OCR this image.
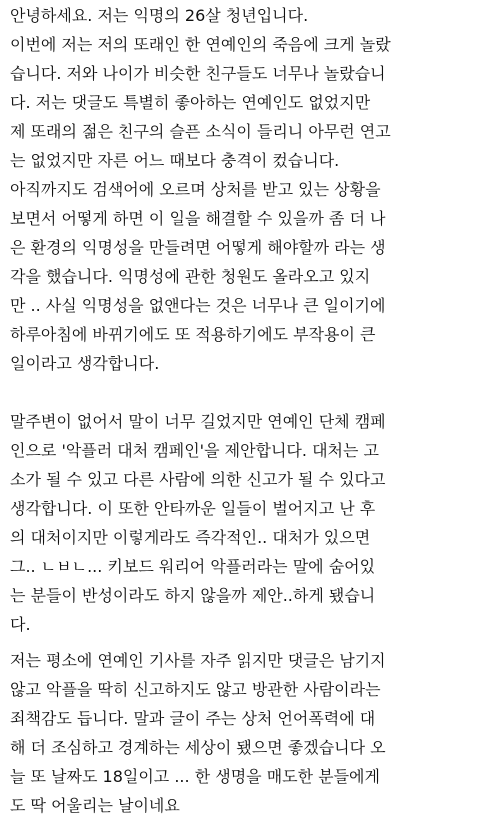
안녕하세요. 저는 익명의 26살 청년입니다.
이번에 저는 저의 또래인 한 연예인의 죽음에 크게 놀랐
습니다. 저와 나이가 비슷한 친구들도 너무나 놀랐습니
다. 저는 댓글도 특별히 좋아하는 연예인도 없었지만
제 또래의 젊은 친구의 슬픈 소식이 들리니 아무런 연고
는 없었지만 자른 어느 때보다 충격이 컸습니다.
아직까지도 검색어에 오르며 상처를 받고 있는 상황을
보면서 어떻게 하면 이 일을 해결할 수 있을까 좀 더 나
은 환경의 익명성을 만들려면 어떻게 해야할까 라는 생
각을 했습니다. 익명성에 관한 청원도 올라오고 있지
만 .. 사실 익명성을 없앤다는 것은 너무나 큰 일이기에
하루아침에 바뀌기에도 또 적용하기에도 부작용이 큰
일이라고 생각합니다.
말주변이 없어서 말이 너무 길었지만 연예인 단체 캠페
인으로 '악플러 대처 캠페인'을 제안합니다. 대처는 고
소가 될 수 있고 다른 사람에 의한 신고가 될 수 있다고
생각합니다. 이 또한 안타까운 일들이 벌어지고 난 후
의 대처이지만 이렇게라도 즉각적인.. 대처가 있으면
그.. ㄴㅂㄴ... 키보드 워리어 악플러라는 말에 숨어있
는 분들이 반성이라도 하지 않을까 제안..하게 됐습니
다.
저는 평소에 연예인 기사를 자주 읽지만 댓글은 남기지
않고 악플을 딱히 신고하지도 않고 방관한 사람이라는
죄책감도 듭니다. 말과 글이 주는 상처 언어폭력에 대
해 더 조심하고 경계하는 세상이 됐으면 좋겠습니다 오
늘 또 날짜도 18일이고 ... 한 생명을 매도한 분들에게
도 딱 어울리는 날이네요
